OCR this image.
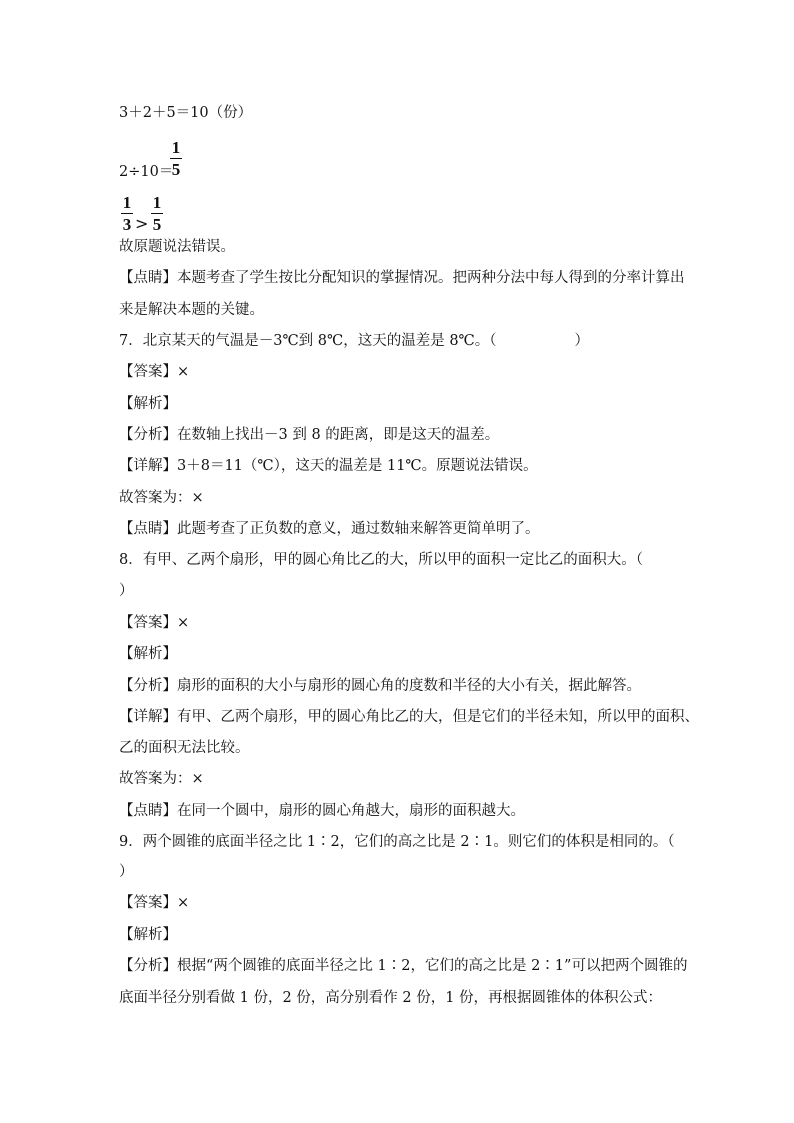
3＋2＋5＝10（份）
2÷10＝
1
5
1
3 >
1
5
故原题说法错误。
【点睛】本题考查了学生按比分配知识的掌握情况。把两种分法中每人得到的分率计算出
来是解决本题的关键。
7．北京某天的气温是－3℃到 8℃，这天的温差是 8℃。（	）
【答案】×
【解析】
【分析】在数轴上找出－3 到 8 的距离，即是这天的温差。
【详解】3＋8＝11（℃），这天的温差是 11℃。原题说法错误。
故答案为：×
【点睛】此题考查了正负数的意义，通过数轴来解答更简单明了。
8．有甲、乙两个扇形，甲的圆心角比乙的大，所以甲的面积一定比乙的面积大。（
）
【答案】×
【解析】
【分析】扇形的面积的大小与扇形的圆心角的度数和半径的大小有关，据此解答。
【详解】有甲、乙两个扇形，甲的圆心角比乙的大，但是它们的半径未知，所以甲的面积、
乙的面积无法比较。
故答案为：×
【点睛】在同一个圆中，扇形的圆心角越大，扇形的面积越大。
9．两个圆锥的底面半径之比 1∶2，它们的高之比是 2∶1。则它们的体积是相同的。（
）
【答案】×
【解析】
【分析】根据“两个圆锥的底面半径之比 1∶2，它们的高之比是 2∶1”可以把两个圆锥的
底面半径分别看做 1 份，2 份，高分别看作 2 份，1 份，再根据圆锥体的体积公式：
